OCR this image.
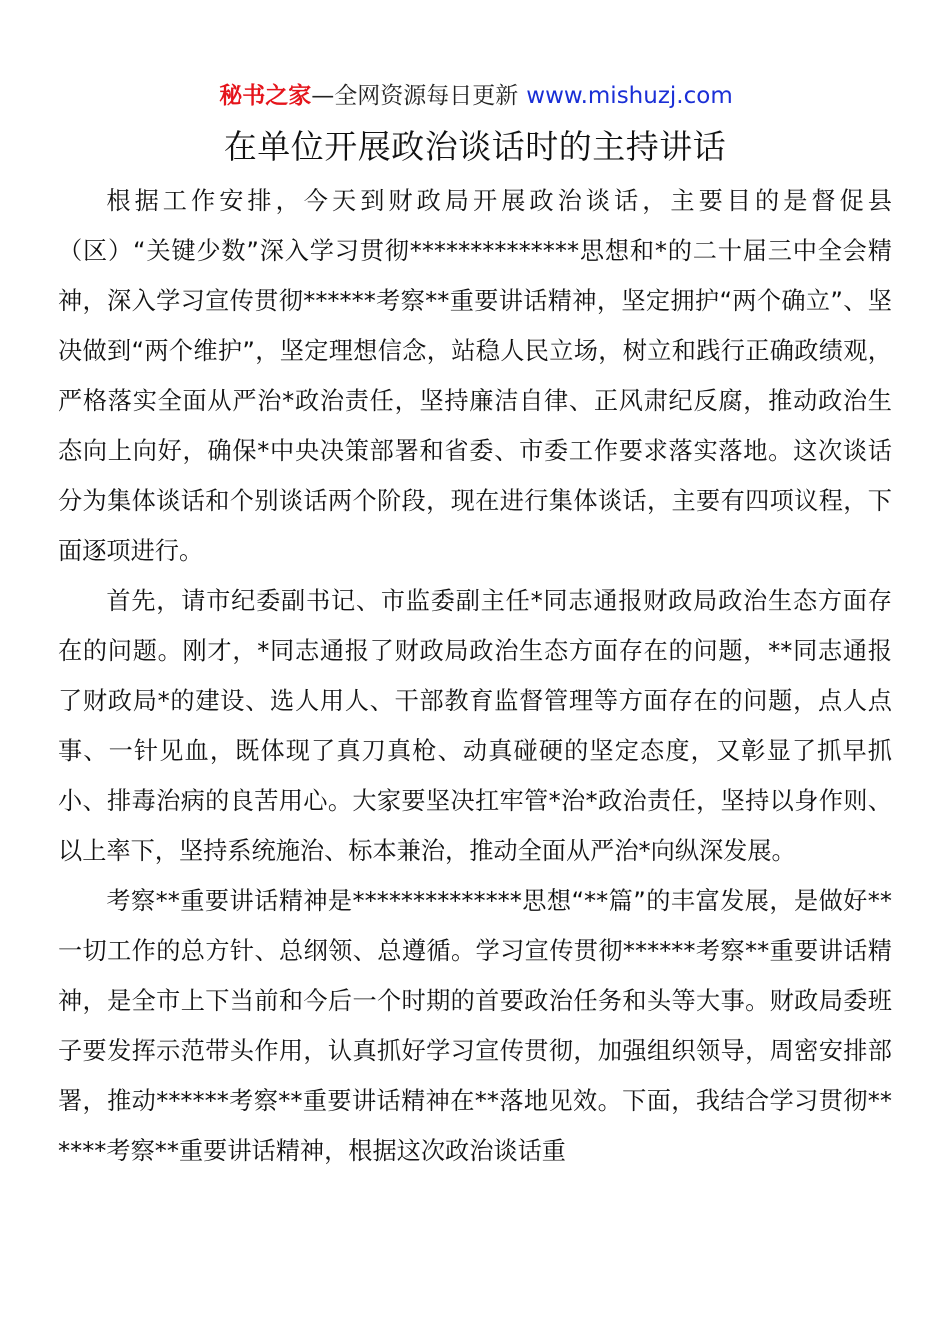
秘书之家—全网资源每日更新 www.mishuzj.com
在单位开展政治谈话时的主持讲话

根据工作安排，今天到财政局开展政治谈话，主要目的是督促县（区）“关键少数”深入学习贯彻**************思想和*的二十届三中全会精神，深入学习宣传贯彻******考察**重要讲话精神，坚定拥护“两个确立”、坚决做到“两个维护”，坚定理想信念，站稳人民立场，树立和践行正确政绩观，严格落实全面从严治*政治责任，坚持廉洁自律、正风肃纪反腐，推动政治生态向上向好，确保*中央决策部署和省委、市委工作要求落实落地。这次谈话分为集体谈话和个别谈话两个阶段，现在进行集体谈话，主要有四项议程，下面逐项进行。

首先，请市纪委副书记、市监委副主任*同志通报财政局政治生态方面存在的问题。刚才，*同志通报了财政局政治生态方面存在的问题，**同志通报了财政局*的建设、选人用人、干部教育监督管理等方面存在的问题，点人点事、一针见血，既体现了真刀真枪、动真碰硬的坚定态度，又彰显了抓早抓小、排毒治病的良苦用心。大家要坚决扛牢管*治*政治责任，坚持以身作则、以上率下，坚持系统施治、标本兼治，推动全面从严治*向纵深发展。

考察**重要讲话精神是**************思想“**篇”的丰富发展，是做好**一切工作的总方针、总纲领、总遵循。学习宣传贯彻******考察**重要讲话精神，是全市上下当前和今后一个时期的首要政治任务和头等大事。财政局委班子要发挥示范带头作用，认真抓好学习宣传贯彻，加强组织领导，周密安排部署，推动******考察**重要讲话精神在**落地见效。下面，我结合学习贯彻******考察**重要讲话精神，根据这次政治谈话重
